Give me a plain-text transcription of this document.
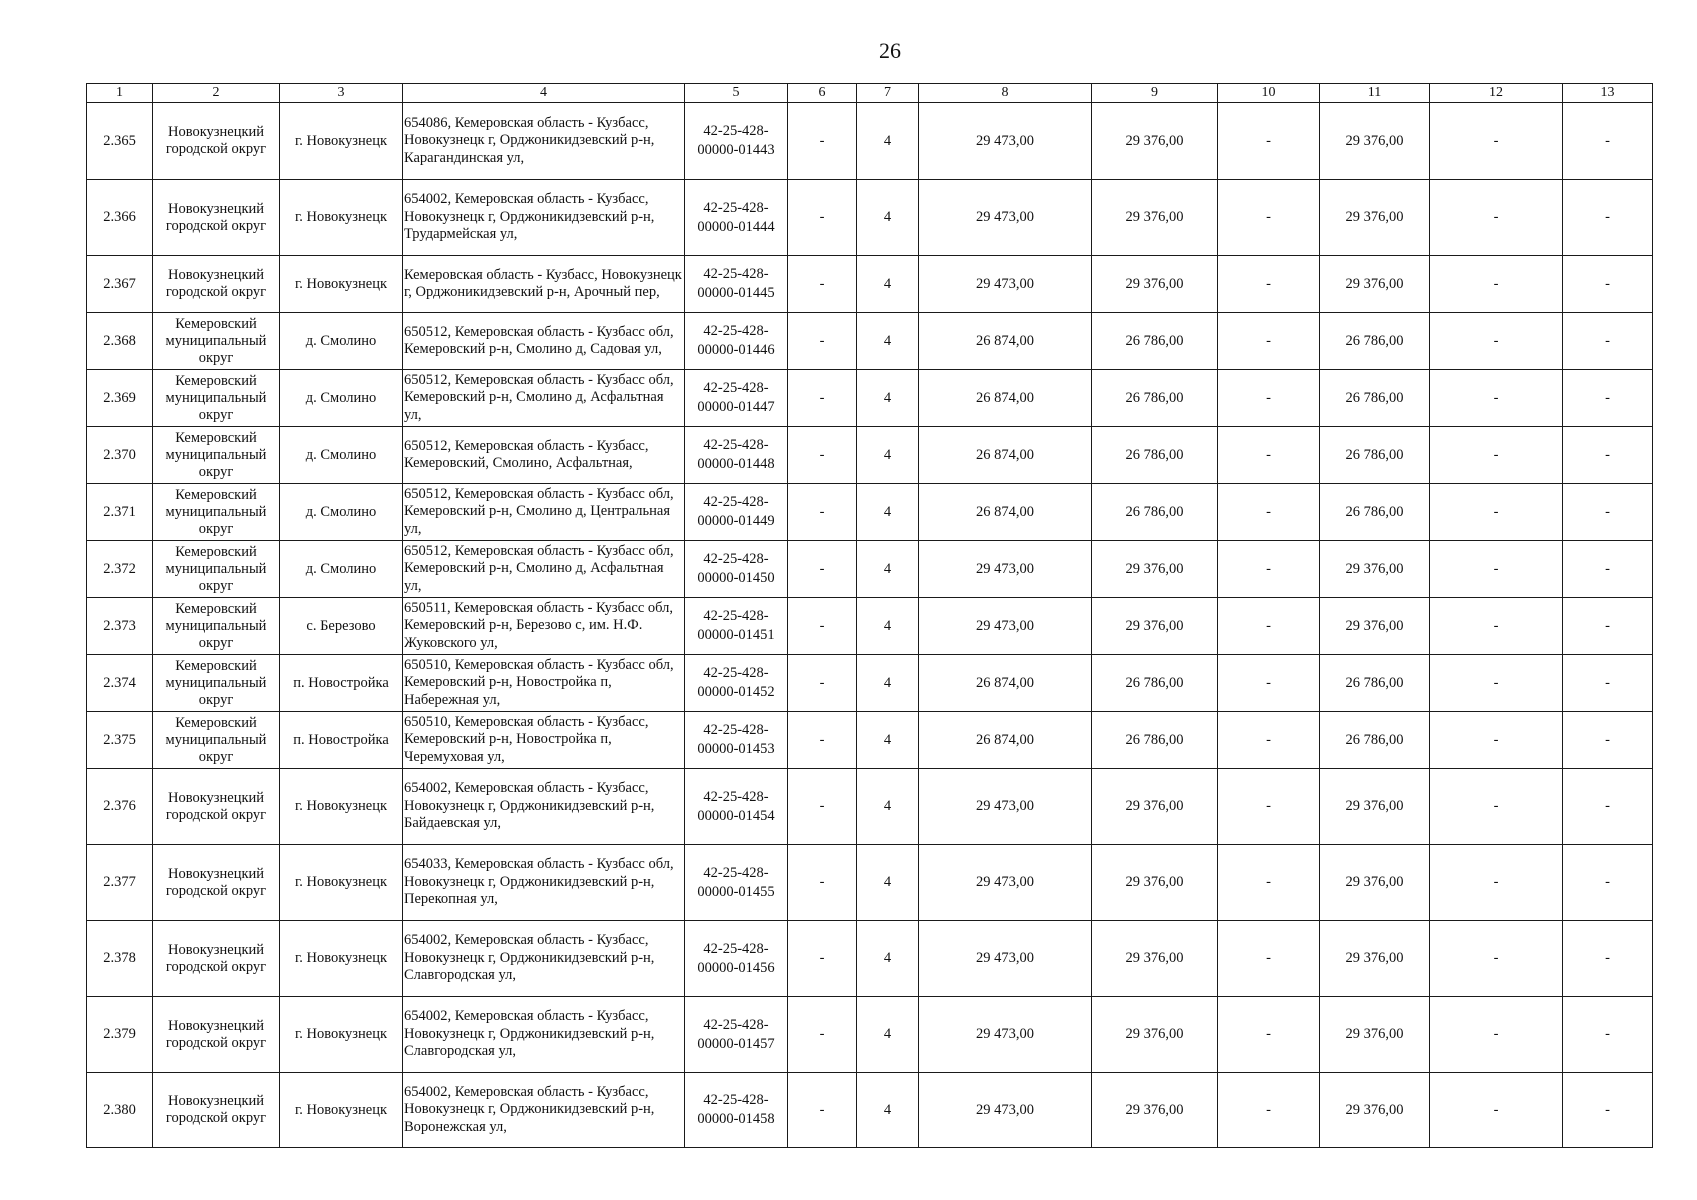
26
1	2	3	4	5	6	7	8	9	10	11	12	13
2.365	Новокузнецкий городской округ	г. Новокузнецк	654086, Кемеровская область - Кузбасс, Новокузнецк г, Орджоникидзевский р-н, Карагандинская ул,	42-25-428-00000-01443	-	4	29 473,00	29 376,00	-	29 376,00	-	-
2.366	Новокузнецкий городской округ	г. Новокузнецк	654002, Кемеровская область - Кузбасс, Новокузнецк г, Орджоникидзевский р-н, Трудармейская ул,	42-25-428-00000-01444	-	4	29 473,00	29 376,00	-	29 376,00	-	-
2.367	Новокузнецкий городской округ	г. Новокузнецк	Кемеровская область - Кузбасс, Новокузнецк г, Орджоникидзевский р-н, Арочный пер,	42-25-428-00000-01445	-	4	29 473,00	29 376,00	-	29 376,00	-	-
2.368	Кемеровский муниципальный округ	д. Смолино	650512, Кемеровская область - Кузбасс обл, Кемеровский р-н, Смолино д, Садовая ул,	42-25-428-00000-01446	-	4	26 874,00	26 786,00	-	26 786,00	-	-
2.369	Кемеровский муниципальный округ	д. Смолино	650512, Кемеровская область - Кузбасс обл, Кемеровский р-н, Смолино д, Асфальтная ул,	42-25-428-00000-01447	-	4	26 874,00	26 786,00	-	26 786,00	-	-
2.370	Кемеровский муниципальный округ	д. Смолино	650512, Кемеровская область - Кузбасс, Кемеровский, Смолино, Асфальтная,	42-25-428-00000-01448	-	4	26 874,00	26 786,00	-	26 786,00	-	-
2.371	Кемеровский муниципальный округ	д. Смолино	650512, Кемеровская область - Кузбасс обл, Кемеровский р-н, Смолино д, Центральная ул,	42-25-428-00000-01449	-	4	26 874,00	26 786,00	-	26 786,00	-	-
2.372	Кемеровский муниципальный округ	д. Смолино	650512, Кемеровская область - Кузбасс обл, Кемеровский р-н, Смолино д, Асфальтная ул,	42-25-428-00000-01450	-	4	29 473,00	29 376,00	-	29 376,00	-	-
2.373	Кемеровский муниципальный округ	с. Березово	650511, Кемеровская область - Кузбасс обл, Кемеровский р-н, Березово с, им. Н.Ф. Жуковского ул,	42-25-428-00000-01451	-	4	29 473,00	29 376,00	-	29 376,00	-	-
2.374	Кемеровский муниципальный округ	п. Новостройка	650510, Кемеровская область - Кузбасс обл, Кемеровский р-н, Новостройка п, Набережная ул,	42-25-428-00000-01452	-	4	26 874,00	26 786,00	-	26 786,00	-	-
2.375	Кемеровский муниципальный округ	п. Новостройка	650510, Кемеровская область - Кузбасс, Кемеровский р-н, Новостройка п, Черемуховая ул,	42-25-428-00000-01453	-	4	26 874,00	26 786,00	-	26 786,00	-	-
2.376	Новокузнецкий городской округ	г. Новокузнецк	654002, Кемеровская область - Кузбасс, Новокузнецк г, Орджоникидзевский р-н, Байдаевская ул,	42-25-428-00000-01454	-	4	29 473,00	29 376,00	-	29 376,00	-	-
2.377	Новокузнецкий городской округ	г. Новокузнецк	654033, Кемеровская область - Кузбасс обл, Новокузнецк г, Орджоникидзевский р-н, Перекопная ул,	42-25-428-00000-01455	-	4	29 473,00	29 376,00	-	29 376,00	-	-
2.378	Новокузнецкий городской округ	г. Новокузнецк	654002, Кемеровская область - Кузбасс, Новокузнецк г, Орджоникидзевский р-н, Славгородская ул,	42-25-428-00000-01456	-	4	29 473,00	29 376,00	-	29 376,00	-	-
2.379	Новокузнецкий городской округ	г. Новокузнецк	654002, Кемеровская область - Кузбасс, Новокузнецк г, Орджоникидзевский р-н, Славгородская ул,	42-25-428-00000-01457	-	4	29 473,00	29 376,00	-	29 376,00	-	-
2.380	Новокузнецкий городской округ	г. Новокузнецк	654002, Кемеровская область - Кузбасс, Новокузнецк г, Орджоникидзевский р-н, Воронежская ул,	42-25-428-00000-01458	-	4	29 473,00	29 376,00	-	29 376,00	-	-
